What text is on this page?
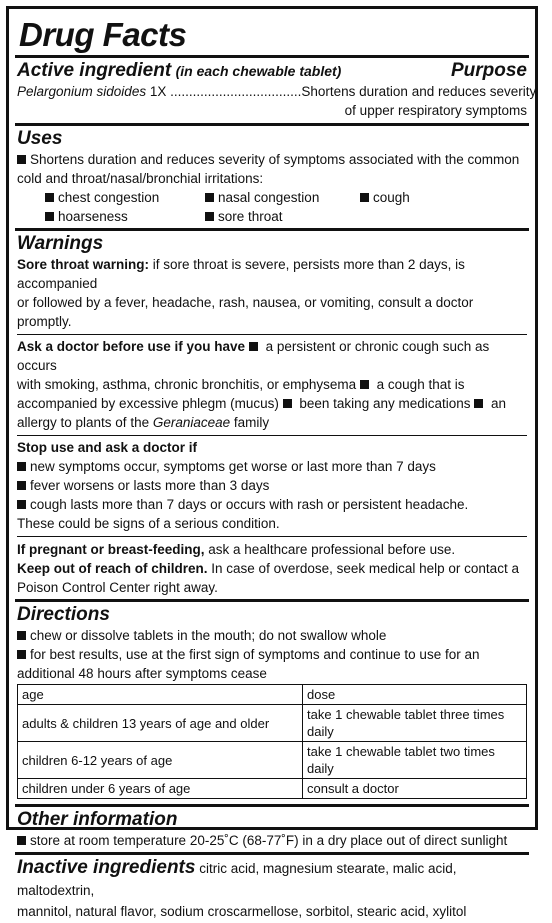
Drug Facts
Active ingredient (in each chewable tablet)	Purpose
Pelargonium sidoides 1X ................................... Shortens duration and reduces severity
of upper respiratory symptoms
Uses
Shortens duration and reduces severity of symptoms associated with the common
cold and throat/nasal/bronchial irritations:
chest congestion	nasal congestion	cough
hoarseness	sore throat
Warnings
Sore throat warning: if sore throat is severe, persists more than 2 days, is accompanied
or followed by a fever, headache, rash, nausea, or vomiting, consult a doctor promptly.
Ask a doctor before use if you have  a persistent or chronic cough such as occurs
with smoking, asthma, chronic bronchitis, or emphysema  a cough that is
accompanied by excessive phlegm (mucus)  been taking any medications  an
allergy to plants of the Geraniaceae family
Stop use and ask a doctor if
new symptoms occur, symptoms get worse or last more than 7 days
fever worsens or lasts more than 3 days
cough lasts more than 7 days or occurs with rash or persistent headache.
These could be signs of a serious condition.
If pregnant or breast-feeding, ask a healthcare professional before use.
Keep out of reach of children. In case of overdose, seek medical help or contact a
Poison Control Center right away.
Directions
chew or dissolve tablets in the mouth; do not swallow whole
for best results, use at the first sign of symptoms and continue to use for an
additional 48 hours after symptoms cease
age	dose
adults & children 13 years of age and older	take 1 chewable tablet three times daily
children 6-12 years of age	take 1 chewable tablet two times daily
children under 6 years of age	consult a doctor
Other information
store at room temperature 20-25˚C (68-77˚F) in a dry place out of direct sunlight
Inactive ingredients citric acid, magnesium stearate, malic acid, maltodextrin,
mannitol, natural flavor, sodium croscarmellose, sorbitol, stearic acid, xylitol
